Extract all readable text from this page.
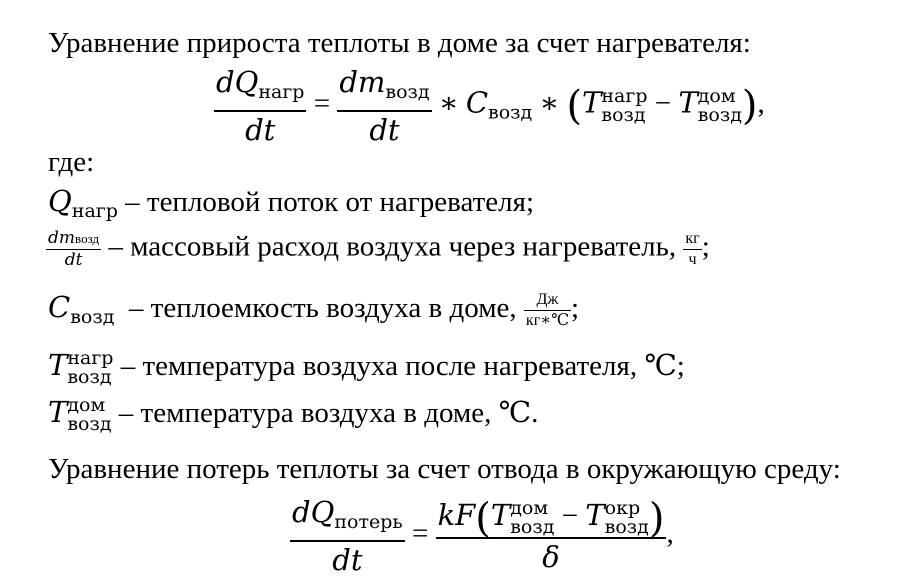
Уравнение прироста теплоты в доме за счет нагревателя:
$\frac{dQ_{нагр}}{dt} = \frac{dm_{возд}}{dt}$ ∗ $C_{возд}$ ∗ (T нагр
возд − T дом
возд ),
где:
$Q_{нагр}$ – тепловой поток от нагревателя;
$\frac{\text{dmвозд}}{dt}$ – массовый расход воздуха через нагреватель, $\frac{кг}{ч}$ ;
$C_{возд}$ – теплоемкость воздуха в доме, $\frac{Дж}{кг∗℃}$ ;
T нагр
возд – температура воздуха после нагревателя, ℃;
T дом
возд – температура воздуха в доме, ℃.
Уравнение потерь теплоты за счет отвода в окружающую среду:
$\frac{dQ_{потерь}}{dt} = kF(T$ дом
возд − T окр
возд )
δ ,
